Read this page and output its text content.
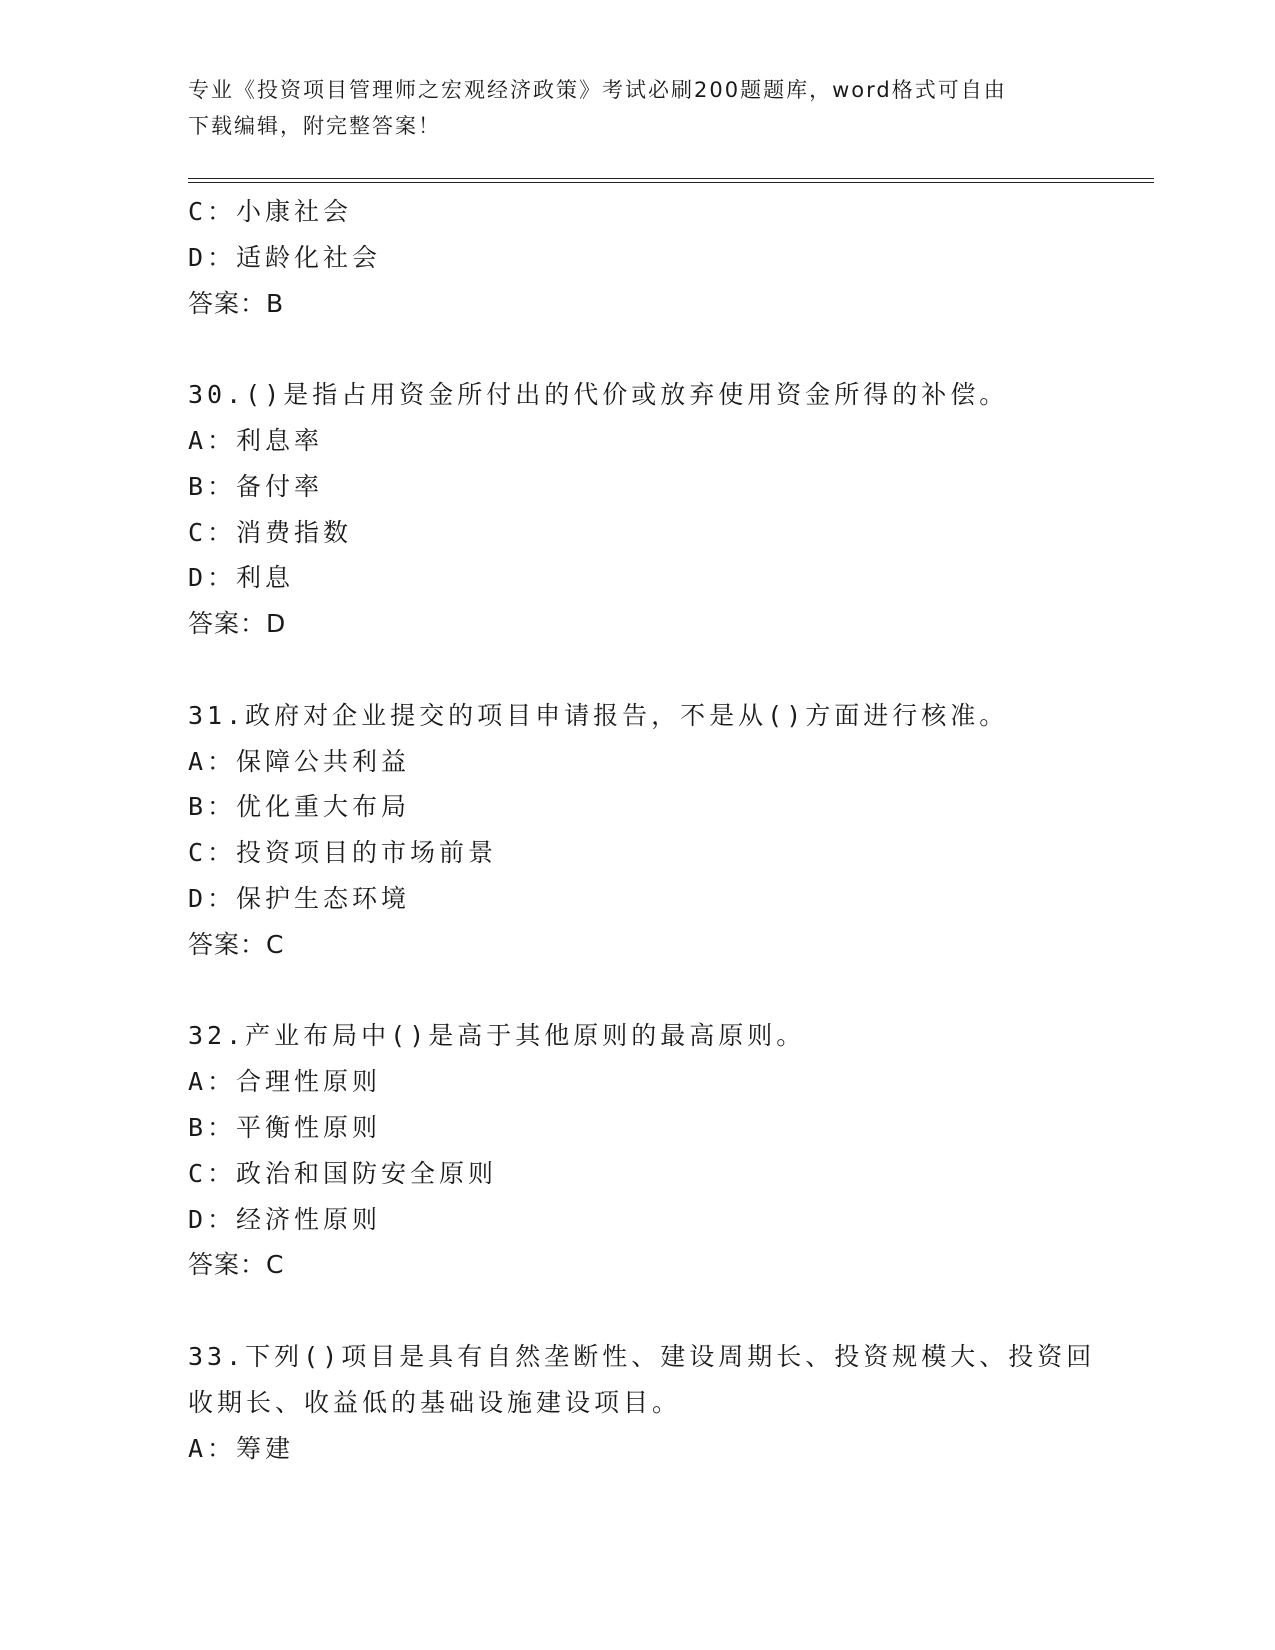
专业《投资项目管理师之宏观经济政策》考试必刷200题题库，word格式可自由
下载编辑，附完整答案！
C：小康社会
D：适龄化社会
答案：B
30.()是指占用资金所付出的代价或放弃使用资金所得的补偿。
A：利息率
B：备付率
C：消费指数
D：利息
答案：D
31.政府对企业提交的项目申请报告，不是从()方面进行核准。
A：保障公共利益
B：优化重大布局
C：投资项目的市场前景
D：保护生态环境
答案：C
32.产业布局中()是高于其他原则的最高原则。
A：合理性原则
B：平衡性原则
C：政治和国防安全原则
D：经济性原则
答案：C
33.下列()项目是具有自然垄断性、建设周期长、投资规模大、投资回
收期长、收益低的基础设施建设项目。
A：筹建
